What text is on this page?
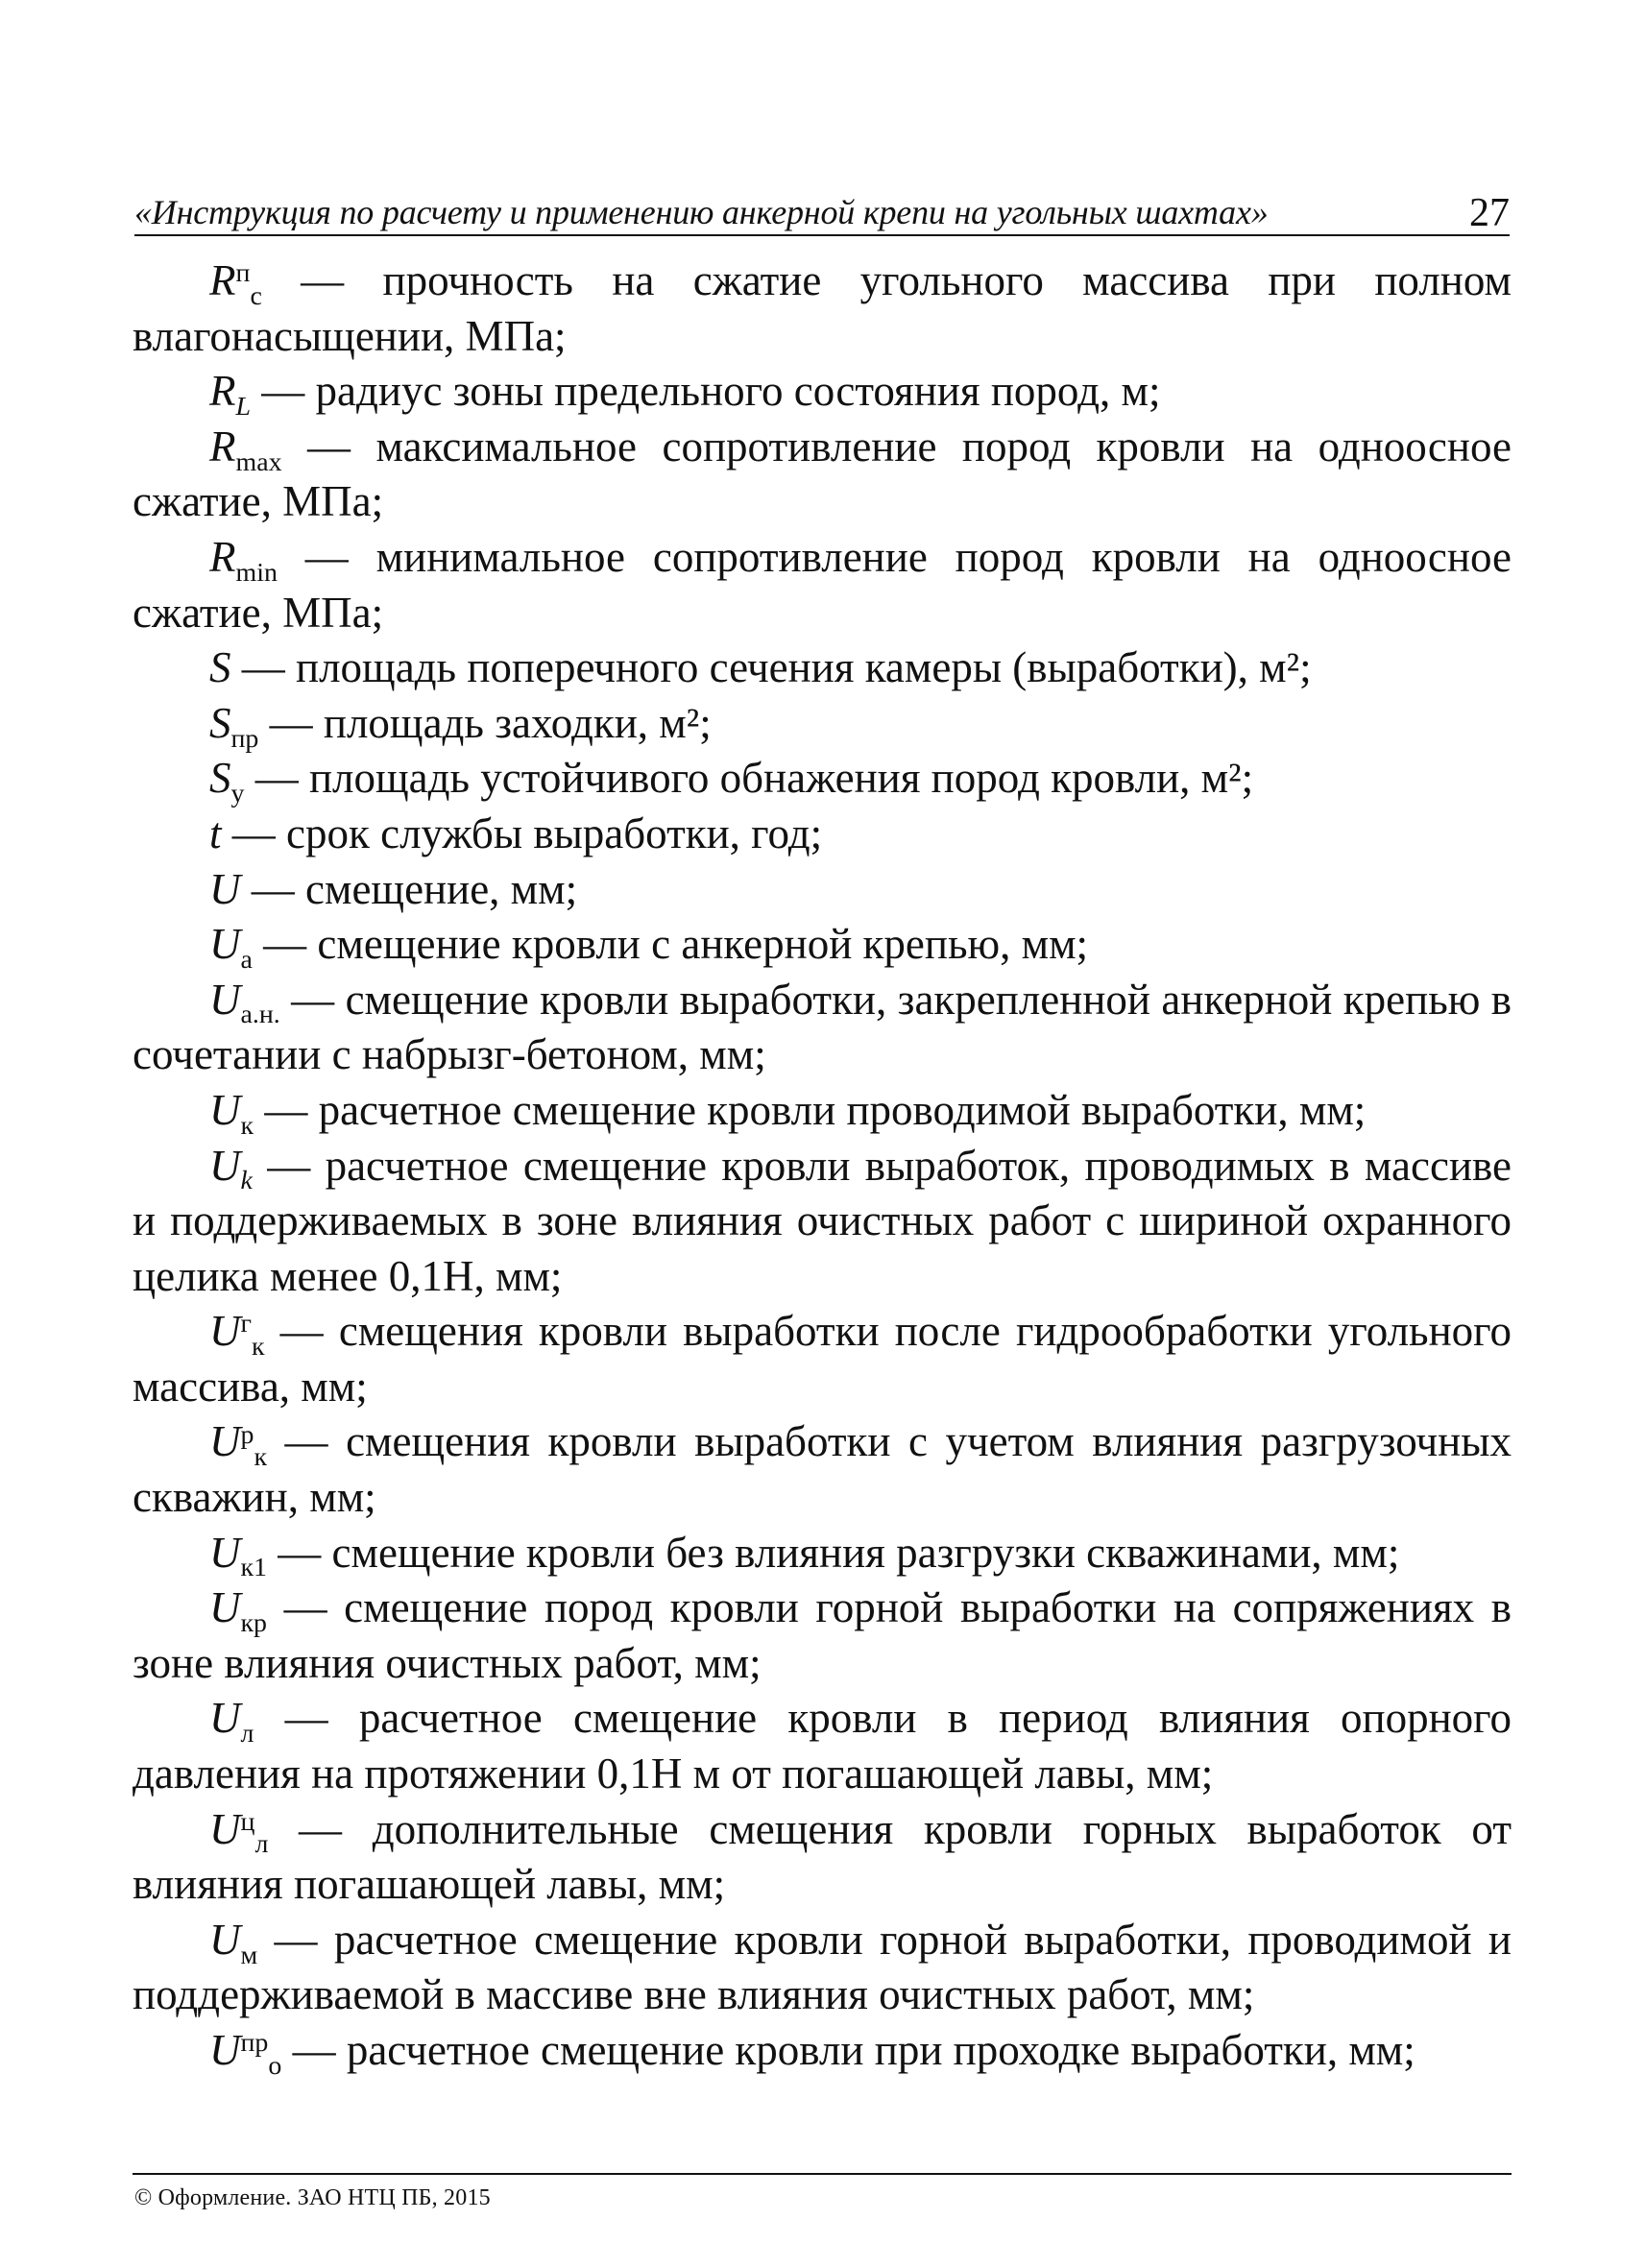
«Инструкция по расчету и применению анкерной крепи на угольных шахтах»	27

$R^п_с$ — прочность на сжатие угольного массива при полном влагонасыщении, МПа;

$R_L$ — радиус зоны предельного состояния пород, м;

$R_{max}$ — максимальное сопротивление пород кровли на одноосное сжатие, МПа;

$R_{min}$ — минимальное сопротивление пород кровли на одноосное сжатие, МПа;

S — площадь поперечного сечения камеры (выработки), м²;

$S_{пр}$ — площадь заходки, м²;

$S_у$ — площадь устойчивого обнажения пород кровли, м²;

t — срок службы выработки, год;

U — смещение, мм;

$U_а$ — смещение кровли с анкерной крепью, мм;

$U_{а.н.}$ — смещение кровли выработки, закрепленной анкерной крепью в сочетании с набрызг-бетоном, мм;

$U_к$ — расчетное смещение кровли проводимой выработки, мм;

$U_k$ — расчетное смещение кровли выработок, проводимых в массиве и поддерживаемых в зоне влияния очистных работ с шириной охранного целика менее 0,1H, мм;

$U^г_к$ — смещения кровли выработки после гидрообработки угольного массива, мм;

$U^р_к$ — смещения кровли выработки с учетом влияния разгрузочных скважин, мм;

$U_{к1}$ — смещение кровли без влияния разгрузки скважинами, мм;

$U_{кр}$ — смещение пород кровли горной выработки на сопряжениях в зоне влияния очистных работ, мм;

$U_л$ — расчетное смещение кровли в период влияния опорного давления на протяжении 0,1H м от погашающей лавы, мм;

$U^ц_л$ — дополнительные смещения кровли горных выработок от влияния погашающей лавы, мм;

$U_м$ — расчетное смещение кровли горной выработки, проводимой и поддерживаемой в массиве вне влияния очистных работ, мм;

$U^{пр}_о$ — расчетное смещение кровли при проходке выработки, мм;

© Оформление. ЗАО НТЦ ПБ, 2015
